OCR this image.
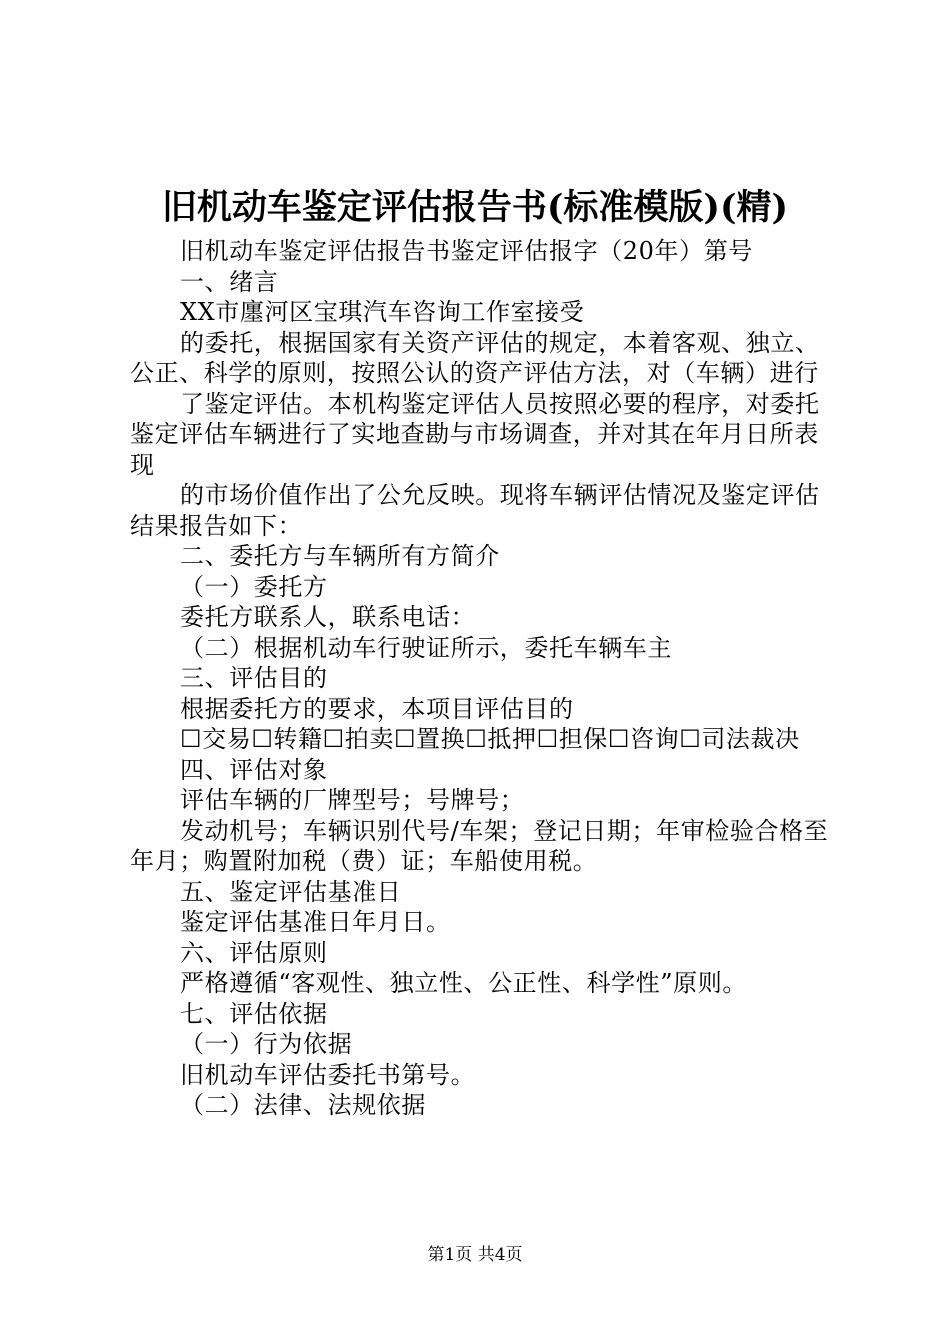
旧机动车鉴定评估报告书(标准模版)(精)

旧机动车鉴定评估报告书鉴定评估报字（20年）第号

一、绪言

XX市廛河区宝琪汽车咨询工作室接受

的委托，根据国家有关资产评估的规定，本着客观、独立、公正、科学的原则，按照公认的资产评估方法，对（车辆）进行

了鉴定评估。本机构鉴定评估人员按照必要的程序，对委托鉴定评估车辆进行了实地查勘与市场调查，并对其在年月日所表现

的市场价值作出了公允反映。现将车辆评估情况及鉴定评估结果报告如下：

二、委托方与车辆所有方简介

（一）委托方

委托方联系人，联系电话：

（二）根据机动车行驶证所示，委托车辆车主

三、评估目的

根据委托方的要求，本项目评估目的

☐交易☐转籍☐拍卖☐置换☐抵押☐担保☐咨询☐司法裁决

四、评估对象

评估车辆的厂牌型号；号牌号；

发动机号；车辆识别代号/车架；登记日期；年审检验合格至年月；购置附加税（费）证；车船使用税。

五、鉴定评估基准日

鉴定评估基准日年月日。

六、评估原则

严格遵循“客观性、独立性、公正性、科学性”原则。

七、评估依据

（一）行为依据

旧机动车评估委托书第号。

（二）法律、法规依据

第1页 共4页
